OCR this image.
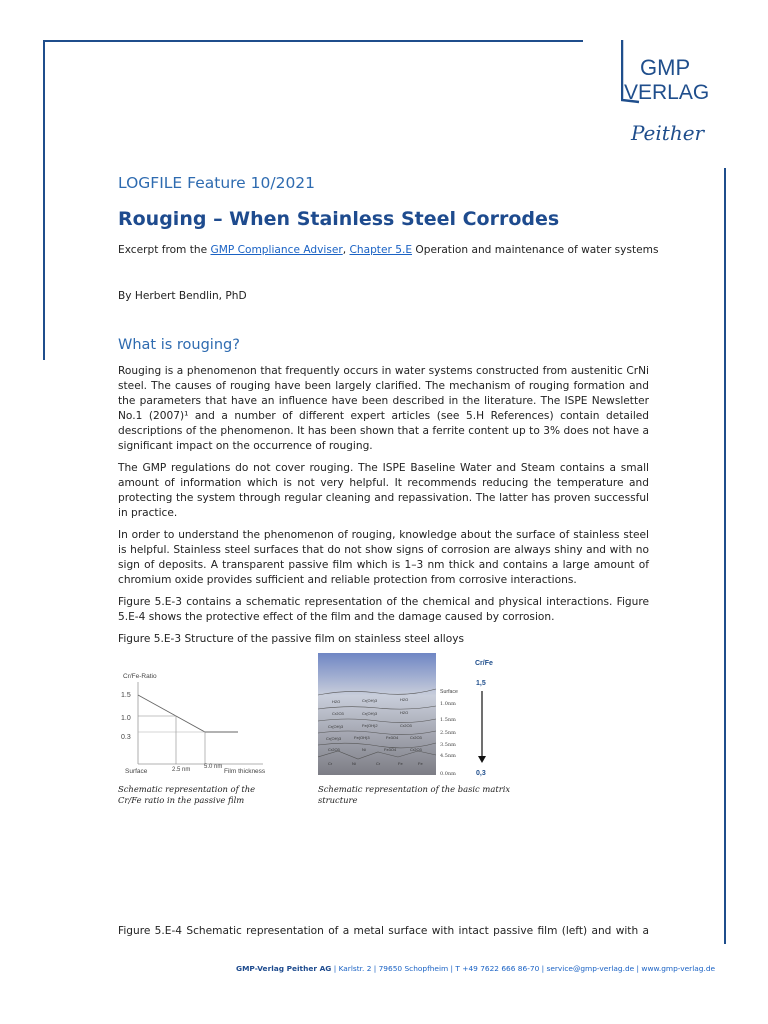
GMP
VERLAG
Peither
LOGFILE Feature 10/2021
Rouging – When Stainless Steel Corrodes
Excerpt from the GMP Compliance Adviser, Chapter 5.E Operation and maintenance of water systems
By Herbert Bendlin, PhD
What is rouging?

Rouging is a phenomenon that frequently occurs in water systems constructed from austenitic CrNi steel. The causes of rouging have been largely clarified. The mechanism of rouging formation and the parameters that have an influence have been described in the literature. The ISPE Newsletter No.1 (2007)¹ and a number of different expert articles (see 5.H References) contain detailed descriptions of the phenomenon. It has been shown that a ferrite content up to 3% does not have a significant impact on the occurrence of rouging.

The GMP regulations do not cover rouging. The ISPE Baseline Water and Steam contains a small amount of information which is not very helpful. It recommends reducing the temperature and protecting the system through regular cleaning and repassivation. The latter has proven successful in practice.

In order to understand the phenomenon of rouging, knowledge about the surface of stainless steel is helpful. Stainless steel surfaces that do not show signs of corrosion are always shiny and with no sign of deposits. A transparent passive film which is 1–3 nm thick and contains a large amount of chromium oxide provides sufficient and reliable protection from corrosive interactions.

Figure 5.E-3 contains a schematic representation of the chemical and physical interactions. Figure 5.E-4 shows the protective effect of the film and the damage caused by corrosion.

Figure 5.E-3 Structure of the passive film on stainless steel alloys

Cr/Fe-Ratio
1.5
1.0
0.3
2.5 nm 5.0 nm
Surface	Film thickness
H2O	Cr(OH)3	H2O
Cr2O3	Cr(OH)3	H2O
Cr(OH)3	Fe(OH)2	Cr2O3
Cr(OH)3	Fe(OH)3	Fe3O4	Cr2O3
Cr2O3	Ni	Fe3O4	Cr2O3
Cr	Ni	Cr	Fe	Fe
Cr/Fe
1,5
0,3
Surface
1.0nm
1.5nm
2.5nm
3.5nm
4.5nm
0.0nm
Schematic representation of the
Cr/Fe ratio in the passive film
Schematic representation of the basic matrix
structure
Figure 5.E-4 Schematic representation of a metal surface with intact passive film (left) and with a
GMP-Verlag Peither AG | Karlstr. 2 | 79650 Schopfheim | T +49 7622 666 86-70 | service@gmp-verlag.de | www.gmp-verlag.de
